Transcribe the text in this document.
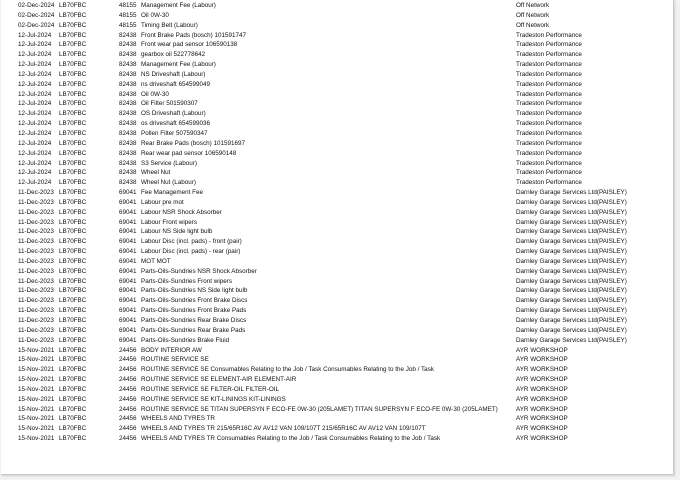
02-Dec-2024 LB70FBC	48155 Management Fee (Labour)	Off Network
02-Dec-2024 LB70FBC	48155 Oil 0W-30	Off Network
02-Dec-2024 LB70FBC	48155 Timing Belt (Labour)	Off Network
12-Jul-2024 LB70FBC	82438 Front Brake Pads (bosch) 101591747	Tradeston Performance
12-Jul-2024 LB70FBC	82438 Front wear pad sensor 106590138	Tradeston Performance
12-Jul-2024 LB70FBC	82438 gearbox oil 522778642	Tradeston Performance
12-Jul-2024 LB70FBC	82438 Management Fee (Labour)	Tradeston Performance
12-Jul-2024 LB70FBC	82438 NS Driveshaft (Labour)	Tradeston Performance
12-Jul-2024 LB70FBC	82438 ns driveshaft 654599049	Tradeston Performance
12-Jul-2024 LB70FBC	82438 Oil 0W-30	Tradeston Performance
12-Jul-2024 LB70FBC	82438 Oil Filter 501590307	Tradeston Performance
12-Jul-2024 LB70FBC	82438 OS Driveshaft (Labour)	Tradeston Performance
12-Jul-2024 LB70FBC	82438 os driveshaft 654599036	Tradeston Performance
12-Jul-2024 LB70FBC	82438 Pollen Filter 507590347	Tradeston Performance
12-Jul-2024 LB70FBC	82438 Rear Brake Pads (bosch) 101591697	Tradeston Performance
12-Jul-2024 LB70FBC	82438 Rear wear pad sensor 106590148	Tradeston Performance
12-Jul-2024 LB70FBC	82438 S3 Service (Labour)	Tradeston Performance
12-Jul-2024 LB70FBC	82438 Wheel Nut	Tradeston Performance
12-Jul-2024 LB70FBC	82438 Wheel Nut (Labour)	Tradeston Performance
11-Dec-2023 LB70FBC	69041 Fee Management Fee	Darnley Garage Services Ltd(PAISLEY)
11-Dec-2023 LB70FBC	69041 Labour pre mot	Darnley Garage Services Ltd(PAISLEY)
11-Dec-2023 LB70FBC	69041 Labour NSR Shock Absorber	Darnley Garage Services Ltd(PAISLEY)
11-Dec-2023 LB70FBC	69041 Labour Front wipers	Darnley Garage Services Ltd(PAISLEY)
11-Dec-2023 LB70FBC	69041 Labour NS Side light bulb	Darnley Garage Services Ltd(PAISLEY)
11-Dec-2023 LB70FBC	69041 Labour Disc (incl. pads) - front (pair)	Darnley Garage Services Ltd(PAISLEY)
11-Dec-2023 LB70FBC	69041 Labour Disc (incl. pads) - rear (pair)	Darnley Garage Services Ltd(PAISLEY)
11-Dec-2023 LB70FBC	69041 MOT MOT	Darnley Garage Services Ltd(PAISLEY)
11-Dec-2023 LB70FBC	69041 Parts-Oils-Sundries NSR Shock Absorber	Darnley Garage Services Ltd(PAISLEY)
11-Dec-2023 LB70FBC	69041 Parts-Oils-Sundries Front wipers	Darnley Garage Services Ltd(PAISLEY)
11-Dec-2023 LB70FBC	69041 Parts-Oils-Sundries NS Side light bulb	Darnley Garage Services Ltd(PAISLEY)
11-Dec-2023 LB70FBC	69041 Parts-Oils-Sundries Front Brake Discs	Darnley Garage Services Ltd(PAISLEY)
11-Dec-2023 LB70FBC	69041 Parts-Oils-Sundries Front Brake Pads	Darnley Garage Services Ltd(PAISLEY)
11-Dec-2023 LB70FBC	69041 Parts-Oils-Sundries Rear Brake Discs	Darnley Garage Services Ltd(PAISLEY)
11-Dec-2023 LB70FBC	69041 Parts-Oils-Sundries Rear Brake Pads	Darnley Garage Services Ltd(PAISLEY)
11-Dec-2023 LB70FBC	69041 Parts-Oils-Sundries Brake Fluid	Darnley Garage Services Ltd(PAISLEY)
15-Nov-2021 LB70FBC	24456 BODY INTERIOR AW	AYR WORKSHOP
15-Nov-2021 LB70FBC	24456 ROUTINE SERVICE SE	AYR WORKSHOP
15-Nov-2021 LB70FBC	24456 ROUTINE SERVICE SE Consumables Relating to the Job / Task Consumables Relating to the Job / Task	AYR WORKSHOP
15-Nov-2021 LB70FBC	24456 ROUTINE SERVICE SE ELEMENT-AIR ELEMENT-AIR	AYR WORKSHOP
15-Nov-2021 LB70FBC	24456 ROUTINE SERVICE SE FILTER-OIL FILTER-OIL	AYR WORKSHOP
15-Nov-2021 LB70FBC	24456 ROUTINE SERVICE SE KIT-LININGS KIT-LININGS	AYR WORKSHOP
15-Nov-2021 LB70FBC	24456 ROUTINE SERVICE SE TITAN SUPERSYN F ECO-FE 0W-30 (205LAMET) TITAN SUPERSYN F ECO-FE 0W-30 (205LAMET)	AYR WORKSHOP
15-Nov-2021 LB70FBC	24456 WHEELS AND TYRES TR	AYR WORKSHOP
15-Nov-2021 LB70FBC	24456 WHEELS AND TYRES TR 215/65R16C AV AV12 VAN 109/107T 215/65R16C AV AV12 VAN 109/107T	AYR WORKSHOP
15-Nov-2021 LB70FBC	24456 WHEELS AND TYRES TR Consumables Relating to the Job / Task Consumables Relating to the Job / Task	AYR WORKSHOP
